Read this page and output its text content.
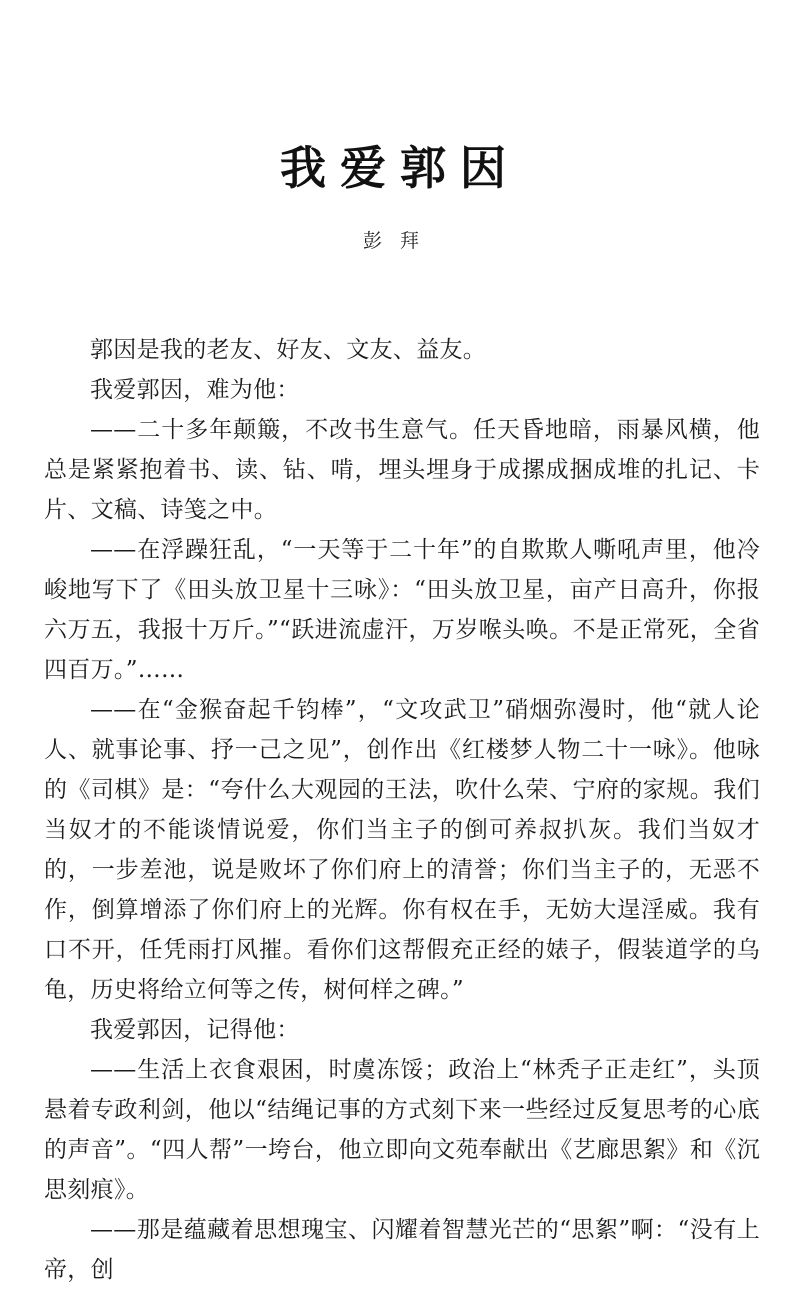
我爱郭因
彭拜

郭因是我的老友、好友、文友、益友。

我爱郭因，难为他：

——二十多年颠簸，不改书生意气。任天昏地暗，雨暴风横，他总是紧紧抱着书、读、钻、啃，埋头埋身于成摞成捆成堆的扎记、卡片、文稿、诗笺之中。

——在浮躁狂乱，“一天等于二十年”的自欺欺人嘶吼声里，他冷峻地写下了《田头放卫星十三咏》：“田头放卫星，亩产日高升，你报六万五，我报十万斤。”“跃进流虚汗，万岁喉头唤。不是正常死，全省四百万。”……

——在“金猴奋起千钧棒”，“文攻武卫”硝烟弥漫时，他“就人论人、就事论事、抒一己之见”，创作出《红楼梦人物二十一咏》。他咏的《司棋》是：“夸什么大观园的王法，吹什么荣、宁府的家规。我们当奴才的不能谈情说爱，你们当主子的倒可养叔扒灰。我们当奴才的，一步差池，说是败坏了你们府上的清誉；你们当主子的，无恶不作，倒算增添了你们府上的光辉。你有权在手，无妨大逞淫威。我有口不开，任凭雨打风摧。看你们这帮假充正经的婊子，假装道学的乌龟，历史将给立何等之传，树何样之碑。”

我爱郭因，记得他：

——生活上衣食艰困，时虞冻馁；政治上“林秃子正走红”，头顶悬着专政利剑，他以“结绳记事的方式刻下来一些经过反复思考的心底的声音”。“四人帮”一垮台，他立即向文苑奉献出《艺廊思絮》和《沉思刻痕》。

——那是蕴藏着思想瑰宝、闪耀着智慧光芒的“思絮”啊：“没有上帝，创
